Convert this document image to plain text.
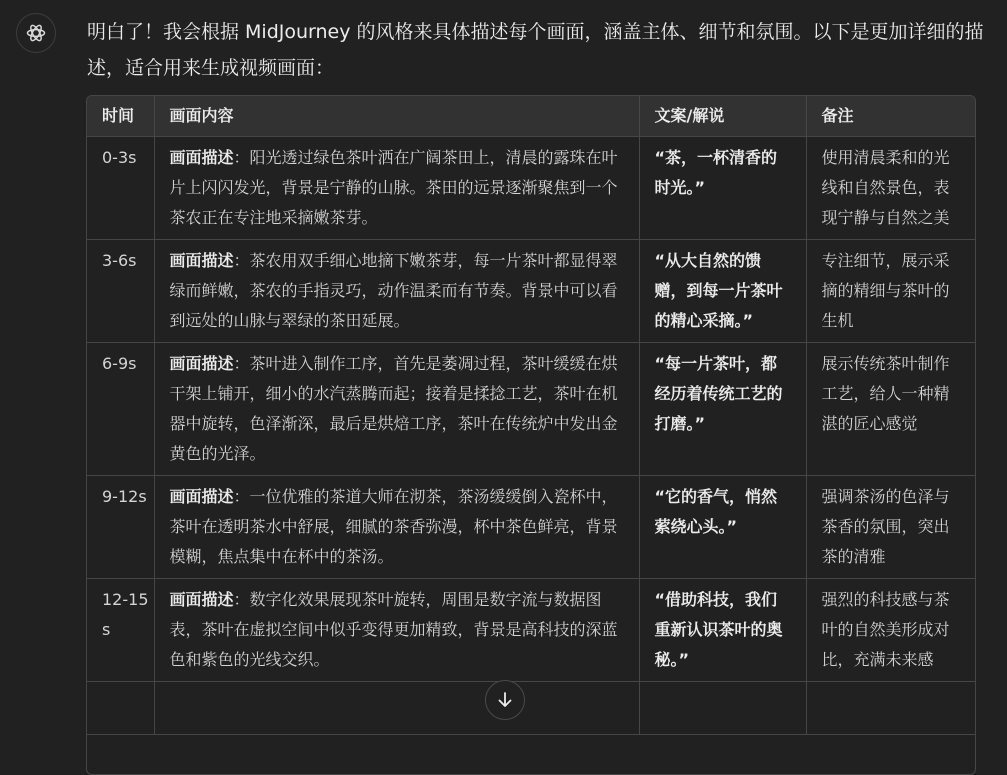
明白了！我会根据 MidJourney 的风格来具体描述每个画面，涵盖主体、细节和氛围。以下是更加详细的描述，适合用来生成视频画面：

时间	画面内容	文案/解说	备注
0-3s	画面描述：阳光透过绿色茶叶洒在广阔茶田上，清晨的露珠在叶片上闪闪发光，背景是宁静的山脉。茶田的远景逐渐聚焦到一个茶农正在专注地采摘嫩茶芽。	“茶，一杯清香的时光。”	使用清晨柔和的光线和自然景色，表现宁静与自然之美
3-6s	画面描述：茶农用双手细心地摘下嫩茶芽，每一片茶叶都显得翠绿而鲜嫩，茶农的手指灵巧，动作温柔而有节奏。背景中可以看到远处的山脉与翠绿的茶田延展。	“从大自然的馈赠，到每一片茶叶的精心采摘。”	专注细节，展示采摘的精细与茶叶的生机
6-9s	画面描述：茶叶进入制作工序，首先是萎凋过程，茶叶缓缓在烘干架上铺开，细小的水汽蒸腾而起；接着是揉捻工艺，茶叶在机器中旋转，色泽渐深，最后是烘焙工序，茶叶在传统炉中发出金黄色的光泽。	“每一片茶叶，都经历着传统工艺的打磨。”	展示传统茶叶制作工艺，给人一种精湛的匠心感觉
9-12s	画面描述：一位优雅的茶道大师在沏茶，茶汤缓缓倒入瓷杯中，茶叶在透明茶水中舒展，细腻的茶香弥漫，杯中茶色鲜亮，背景模糊，焦点集中在杯中的茶汤。	“它的香气，悄然萦绕心头。”	强调茶汤的色泽与茶香的氛围，突出茶的清雅
12-15s	画面描述：数字化效果展现茶叶旋转，周围是数字流与数据图表，茶叶在虚拟空间中似乎变得更加精致，背景是高科技的深蓝色和紫色的光线交织。	“借助科技，我们重新认识茶叶的奥秘。”	强烈的科技感与茶叶的自然美形成对比，充满未来感
